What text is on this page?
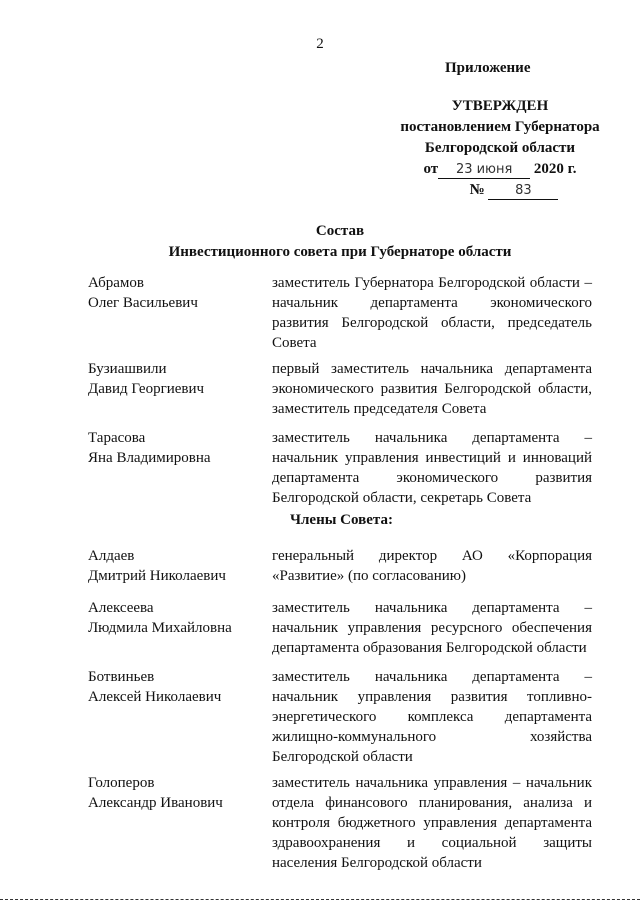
2
Приложение
УТВЕРЖДЕН
постановлением Губернатора
Белгородской области
от 23 июня 2020 г.
№ 83
Состав
Инвестиционного совета при Губернаторе области
Абрамов
Олег Васильевич
заместитель Губернатора Белгородской области – начальник департамента экономического развития Белгородской области, председатель Совета
Бузиашвили
Давид Георгиевич
первый заместитель начальника департамента экономического развития Белгородской области, заместитель председателя Совета
Тарасова
Яна Владимировна
заместитель начальника департамента – начальник управления инвестиций и инноваций департамента экономического развития Белгородской области, секретарь Совета
Члены Совета:
Алдаев
Дмитрий Николаевич
генеральный директор АО «Корпорация «Развитие» (по согласованию)
Алексеева
Людмила Михайловна
заместитель начальника департамента – начальник управления ресурсного обеспечения департамента образования Белгородской области
Ботвиньев
Алексей Николаевич
заместитель начальника департамента – начальник управления развития топливно-энергетического комплекса департамента жилищно-коммунального хозяйства Белгородской области
Голоперов
Александр Иванович
заместитель начальника управления – начальник отдела финансового планирования, анализа и контроля бюджетного управления департамента здравоохранения и социальной защиты населения Белгородской области
